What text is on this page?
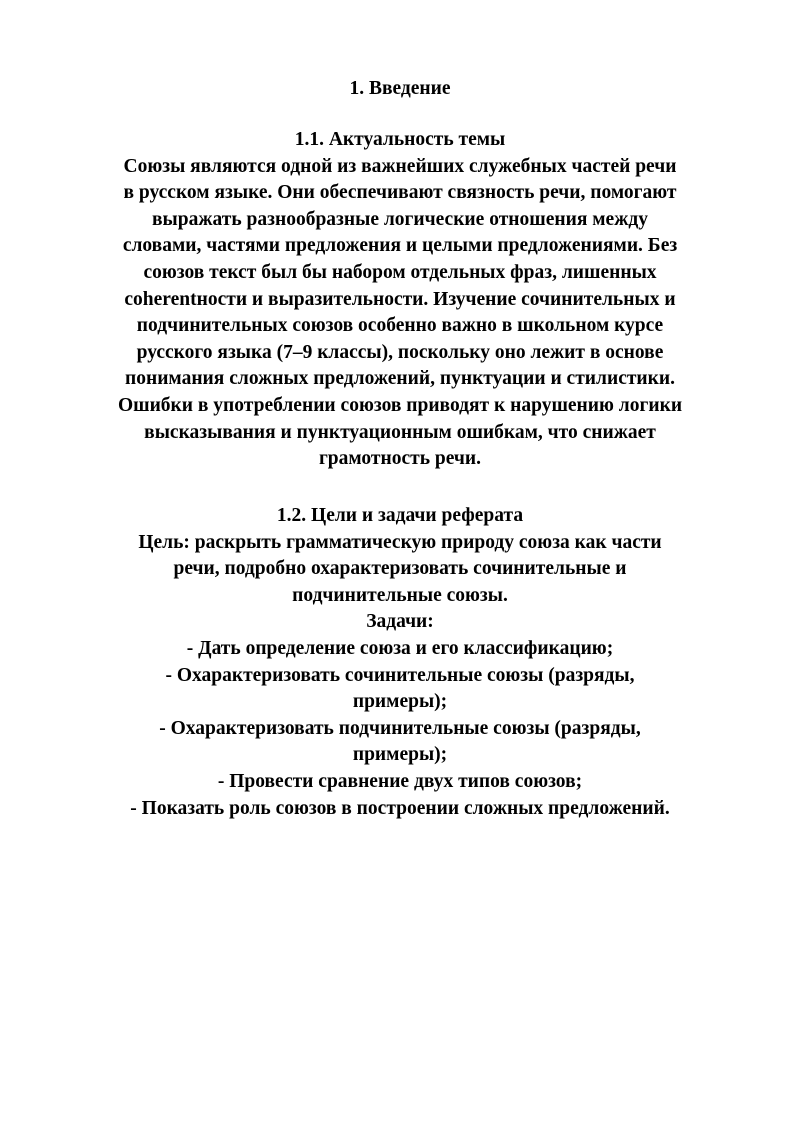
1. Введение

1.1. Актуальность темы

Союзы являются одной из важнейших служебных частей речи

в русском языке. Они обеспечивают связность речи, помогают

выражать разнообразные логические отношения между

словами, частями предложения и целыми предложениями. Без

союзов текст был бы набором отдельных фраз, лишенных

coherentности и выразительности. Изучение сочинительных и

подчинительных союзов особенно важно в школьном курсе

русского языка (7–9 классы), поскольку оно лежит в основе

понимания сложных предложений, пунктуации и стилистики.

Ошибки в употреблении союзов приводят к нарушению логики

высказывания и пунктуационным ошибкам, что снижает

грамотность речи.

1.2. Цели и задачи реферата

Цель: раскрыть грамматическую природу союза как части

речи, подробно охарактеризовать сочинительные и

подчинительные союзы.

Задачи:

- Дать определение союза и его классификацию;

- Охарактеризовать сочинительные союзы (разряды,

примеры);

- Охарактеризовать подчинительные союзы (разряды,

примеры);

- Провести сравнение двух типов союзов;

- Показать роль союзов в построении сложных предложений.
